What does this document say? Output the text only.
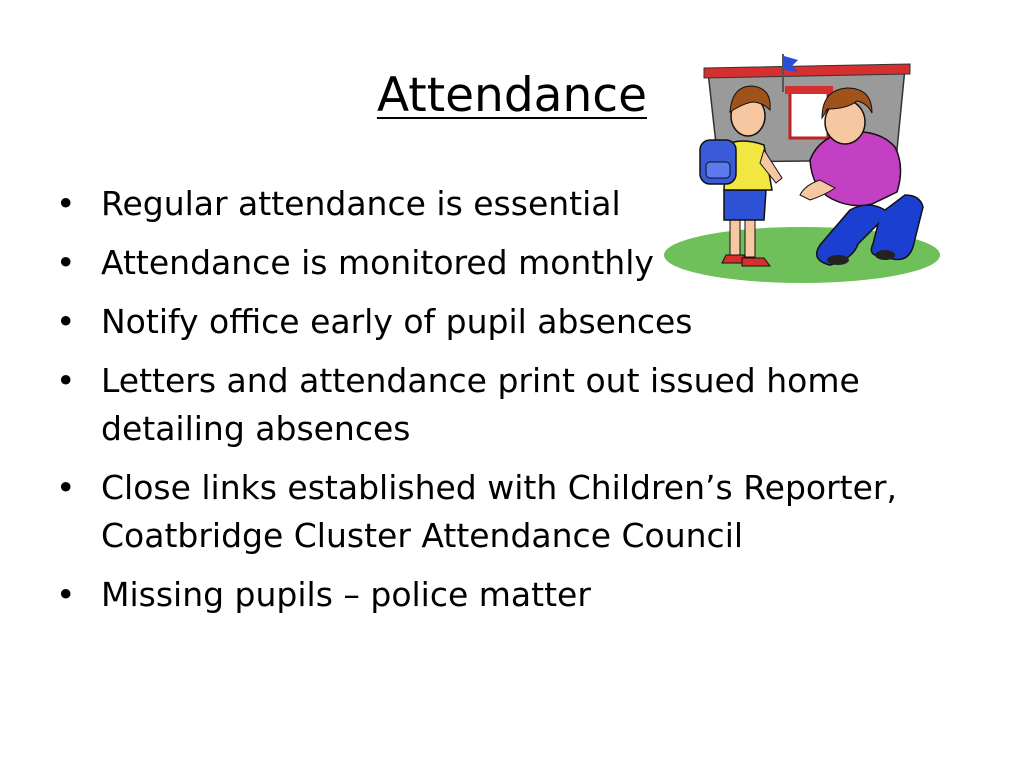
Attendance
• Regular attendance is essential
• Attendance is monitored monthly
• Notify office early of pupil absences
• Letters and attendance print out issued home detailing absences
• Close links established with Children’s Reporter, Coatbridge Cluster Attendance Council
• Missing pupils – police matter
